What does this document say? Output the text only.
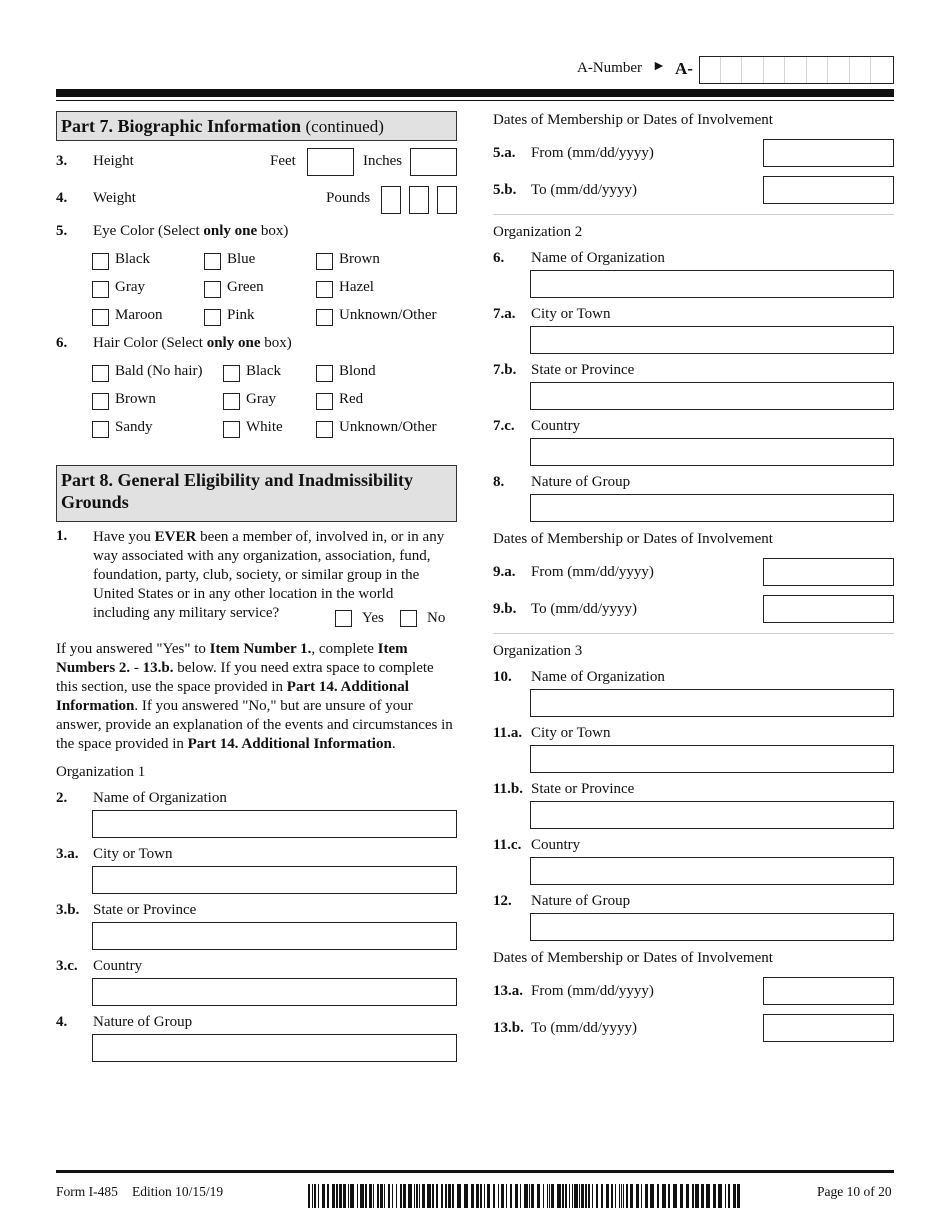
A-Number ► A-
Part 7. Biographic Information (continued)
3. Height	Feet	Inches
4. Weight	Pounds
5. Eye Color (Select only one box)
Black	Blue	Brown
Gray	Green	Hazel
Maroon	Pink	Unknown/Other
6. Hair Color (Select only one box)
Bald (No hair)	Black	Blond
Brown	Gray	Red
Sandy	White	Unknown/Other
Part 8. General Eligibility and Inadmissibility Grounds
1. Have you EVER been a member of, involved in, or in any way associated with any organization, association, fund, foundation, party, club, society, or similar group in the United States or in any other location in the world including any military service?	Yes	No
If you answered "Yes" to Item Number 1., complete Item Numbers 2. - 13.b. below. If you need extra space to complete this section, use the space provided in Part 14. Additional Information. If you answered "No," but are unsure of your answer, provide an explanation of the events and circumstances in the space provided in Part 14. Additional Information.
Organization 1
2. Name of Organization
3.a. City or Town
3.b. State or Province
3.c. Country
4. Nature of Group
Dates of Membership or Dates of Involvement
5.a. From (mm/dd/yyyy)
5.b. To (mm/dd/yyyy)
Organization 2
6. Name of Organization
7.a. City or Town
7.b. State or Province
7.c. Country
8. Nature of Group
Dates of Membership or Dates of Involvement
9.a. From (mm/dd/yyyy)
9.b. To (mm/dd/yyyy)
Organization 3
10. Name of Organization
11.a. City or Town
11.b. State or Province
11.c. Country
12. Nature of Group
Dates of Membership or Dates of Involvement
13.a. From (mm/dd/yyyy)
13.b. To (mm/dd/yyyy)
Form I-485 Edition 10/15/19	Page 10 of 20
